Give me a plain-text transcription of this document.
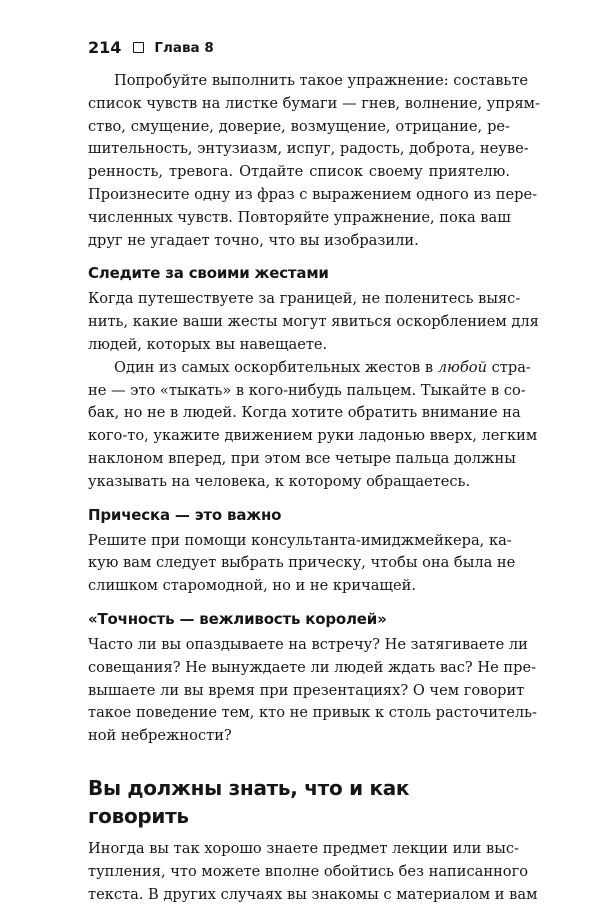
214 Глава 8

Попробуйте выполнить такое упражнение: составьте
список чувств на листке бумаги — гнев, волнение, упрям-
ство, смущение, доверие, возмущение, отрицание, ре-
шительность, энтузиазм, испуг, радость, доброта, неуве-
ренность, тревога. Отдайте список своему приятелю.
Произнесите одну из фраз с выражением одного из пере-
численных чувств. Повторяйте упражнение, пока ваш
друг не угадает точно, что вы изобразили.

Следите за своими жестами

Когда путешествуете за границей, не поленитесь выяс-
нить, какие ваши жесты могут явиться оскорблением для
людей, которых вы навещаете.

Один из самых оскорбительных жестов в любой стра-
не — это «тыкать» в кого-нибудь пальцем. Тыкайте в со-
бак, но не в людей. Когда хотите обратить внимание на
кого-то, укажите движением руки ладонью вверх, легким
наклоном вперед, при этом все четыре пальца должны
указывать на человека, к которому обращаетесь.

Прическа — это важно

Решите при помощи консультанта-имиджмейкера, ка-
кую вам следует выбрать прическу, чтобы она была не
слишком старомодной, но и не кричащей.

«Точность — вежливость королей»

Часто ли вы опаздываете на встречу? Не затягиваете ли
совещания? Не вынуждаете ли людей ждать вас? Не пре-
вышаете ли вы время при презентациях? О чем говорит
такое поведение тем, кто не привык к столь расточитель-
ной небрежности?

Вы должны знать, что и как говорить

Иногда вы так хорошо знаете предмет лекции или выс-
тупления, что можете вполне обойтись без написанного
текста. В других случаях вы знакомы с материалом и вам
